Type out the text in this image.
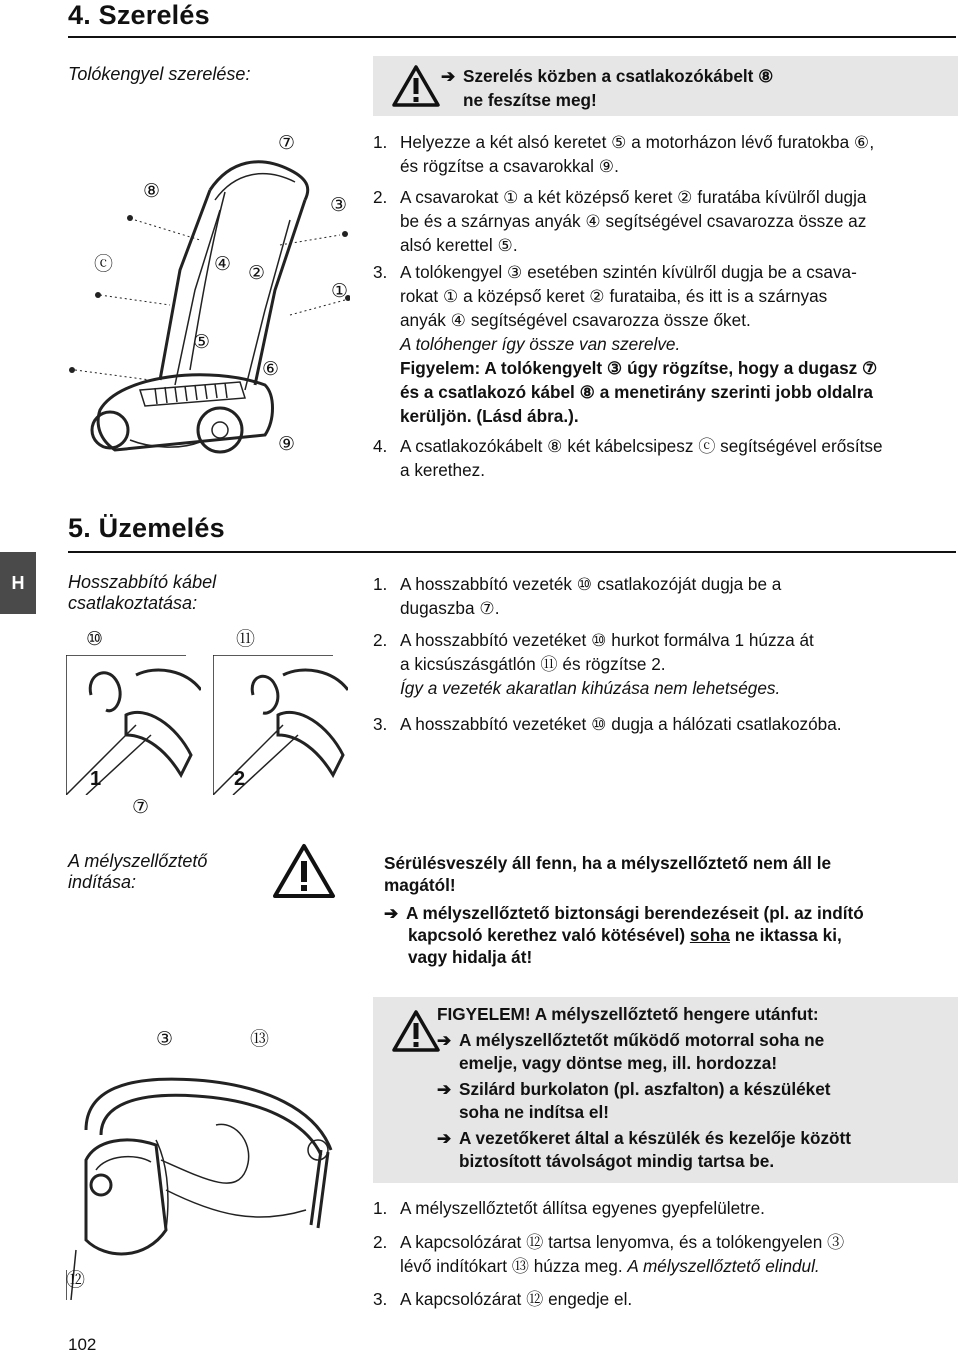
4. Szerelés
Tolókengyel szerelése:	➔ Szerelés közben a csatlakozókábelt ⑧
ne feszítse meg!
1. Helyezze a két alsó keretet ⑤ a motorházon lévő furatokba ⑥,
és rögzítse a csavarokkal ⑨.
2. A csavarokat ① a két középső keret ② furatába kívülről dugja
be és a szárnyas anyák ④ segítségével csavarozza össze az
alsó kerettel ⑤.
3. A tolókengyel ③ esetében szintén kívülről dugja be a csava-
rokat ① a középső keret ② furataiba, és itt is a szárnyas
anyák ④ segítségével csavarozza össze őket.
A tolóhenger így össze van szerelve.
Figyelem: A tolókengyelt ③ úgy rögzítse, hogy a dugasz ⑦
és a csatlakozó kábel ⑧ a menetirány szerinti jobb oldalra
kerüljön. (Lásd ábra.).
4. A csatlakozókábelt ⑧ két kábelcsipesz ⓒ segítségével erősítse
a kerethez.
⑦
⑧
③
ⓒ	④ ②
①
⑤
⑥
⑨
5. Üzemelés
H	Hosszabbító kábel
csatlakoztatása:
1. A hosszabbító vezeték ⑩ csatlakozóját dugja be a
dugaszba ⑦.
2. A hosszabbító vezetéket ⑩ hurkot formálva 1 húzza át
a kicsúszásgátlón ⑪ és rögzítse 2.
Így a vezeték akaratlan kihúzása nem lehetséges.
3. A hosszabbító vezetéket ⑩ dugja a hálózati csatlakozóba.
⑩	⑪
1	2
⑦
A mélyszellőztető
indítása:
Sérülésveszély áll fenn, ha a mélyszellőztető nem áll le
magától!
➔ A mélyszellőztető biztonsági berendezéseit (pl. az indító
kapcsoló kerethez való kötésével) soha ne iktassa ki,
vagy hidalja át!
FIGYELEM! A mélyszellőztető hengere utánfut:
➔ A mélyszellőztetőt működő motorral soha ne
emelje, vagy döntse meg, ill. hordozza!
➔ Szilárd burkolaton (pl. aszfalton) a készüléket
soha ne indítsa el!
➔ A vezetőkeret által a készülék és kezelője között
biztosított távolságot mindig tartsa be.
1. A mélyszellőztetőt állítsa egyenes gyepfelületre.
2. A kapcsolózárat ⑫ tartsa lenyomva, és a tolókengyelen ③
lévő indítókart ⑬ húzza meg. A mélyszellőztető elindul.
3. A kapcsolózárat ⑫ engedje el.
③	⑬
⑫
102
